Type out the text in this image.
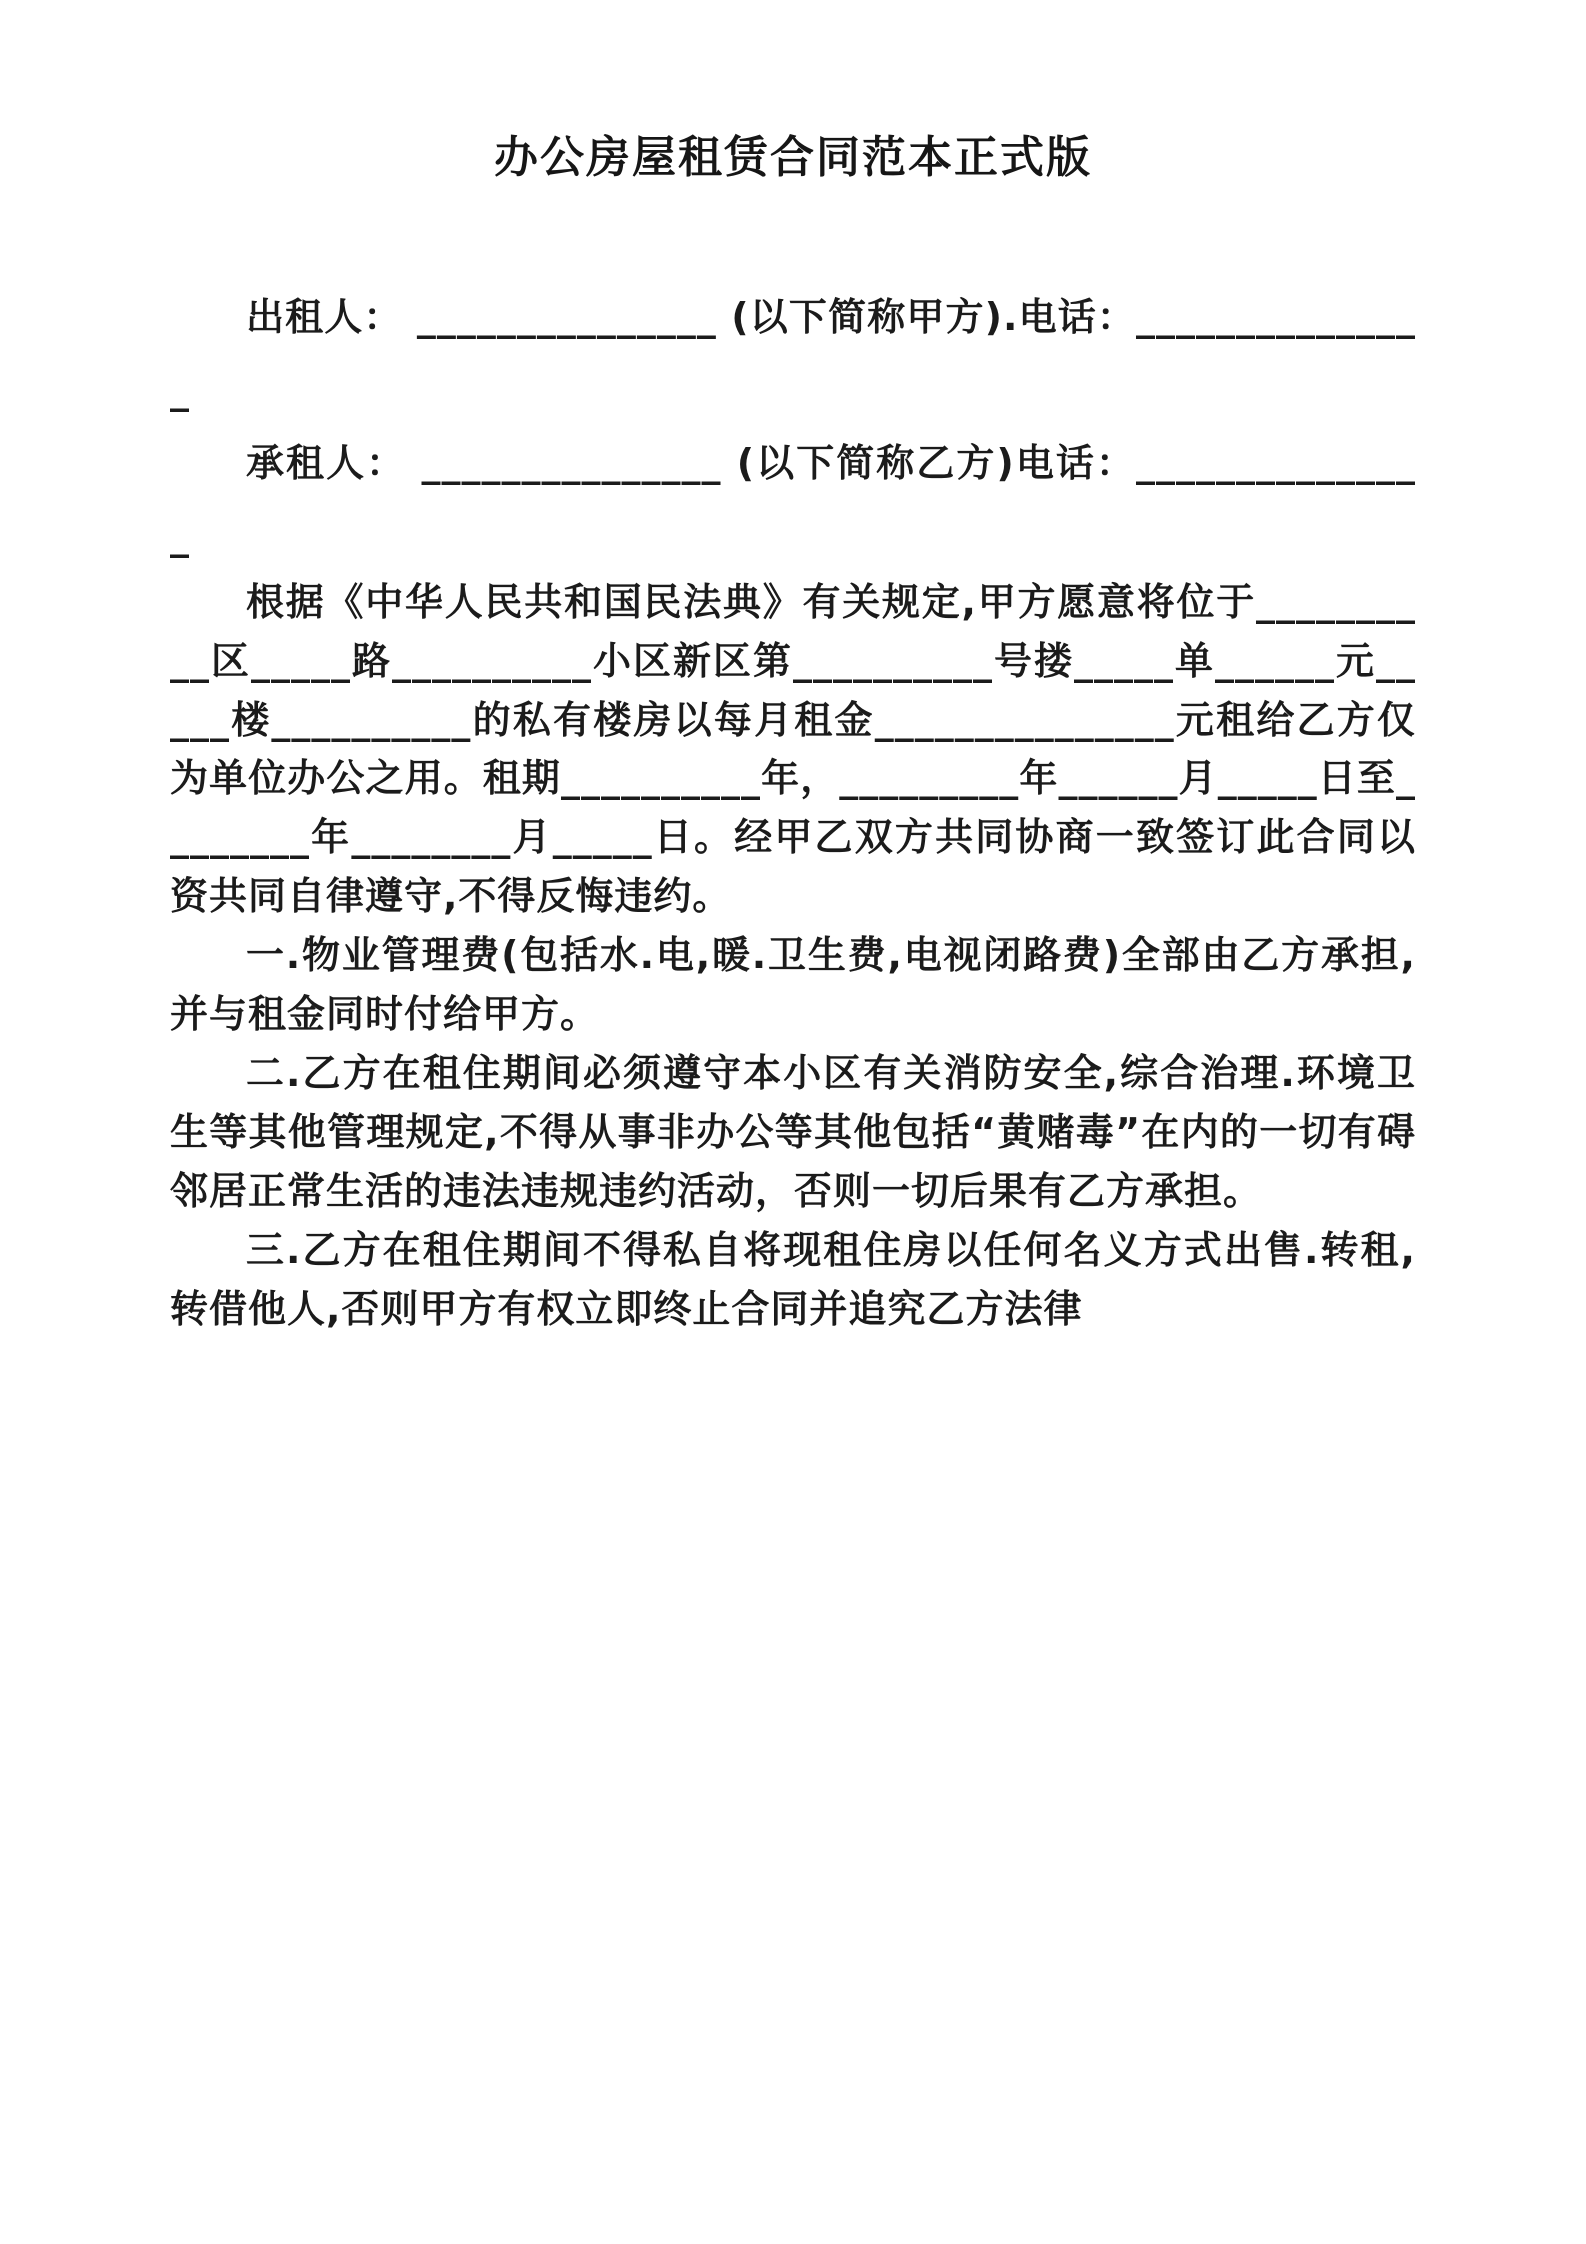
办公房屋租赁合同范本正式版

出租人： _______________ (以下简称甲方).电话：_______________

承租人： _______________ (以下简称乙方)电话：_______________

根据《中华人民共和国民法典》有关规定,甲方愿意将位于__________区_____路__________小区新区第__________号搂_____单______元_____楼__________的私有楼房以每月租金_______________元租给乙方仅为单位办公之用。租期__________年，_________年______月_____日至________年________月_____日。经甲乙双方共同协商一致签订此合同以资共同自律遵守,不得反悔违约。

一.物业管理费(包括水.电,暖.卫生费,电视闭路费)全部由乙方承担,并与租金同时付给甲方。

二.乙方在租住期间必须遵守本小区有关消防安全,综合治理.环境卫生等其他管理规定,不得从事非办公等其他包括“黄赌毒”在内的一切有碍邻居正常生活的违法违规违约活动，否则一切后果有乙方承担。

三.乙方在租住期间不得私自将现租住房以任何名义方式出售.转租,转借他人,否则甲方有权立即终止合同并追究乙方法律
